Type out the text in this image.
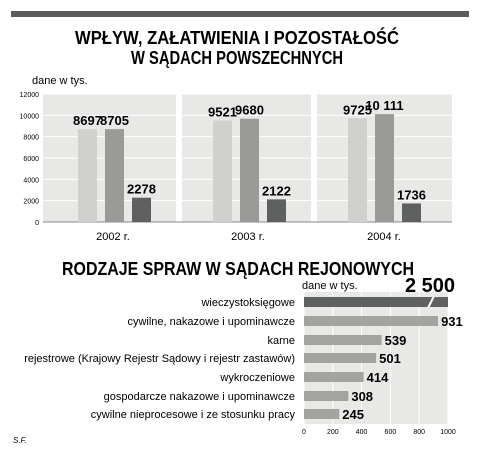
WPŁYW, ZAŁATWIENIA I POZOSTAŁOŚĆ
W SĄDACH POWSZECHNYCH
dane w tys.
0
2000
4000
6000
8000
10000
12000
8697
9521	9725
8705
9680	10 111
2278	2122	1736
2002 r.	2003 r.	2004 r.
RODZAJE SPRAW W SĄDACH REJONOWYCH
dane w tys.
0	200 400 600 800 1000
2 500
wieczystoksięgowe
931
cywilne, nakazowe i upominawcze
539
karne
501
rejestrowe (Krajowy Rejestr Sądowy i rejestr zastawów)
414
wykroczeniowe
308
gospodarcze nakazowe i upominawcze
245
cywilne nieprocesowe i ze stosunku pracy
S.F.
